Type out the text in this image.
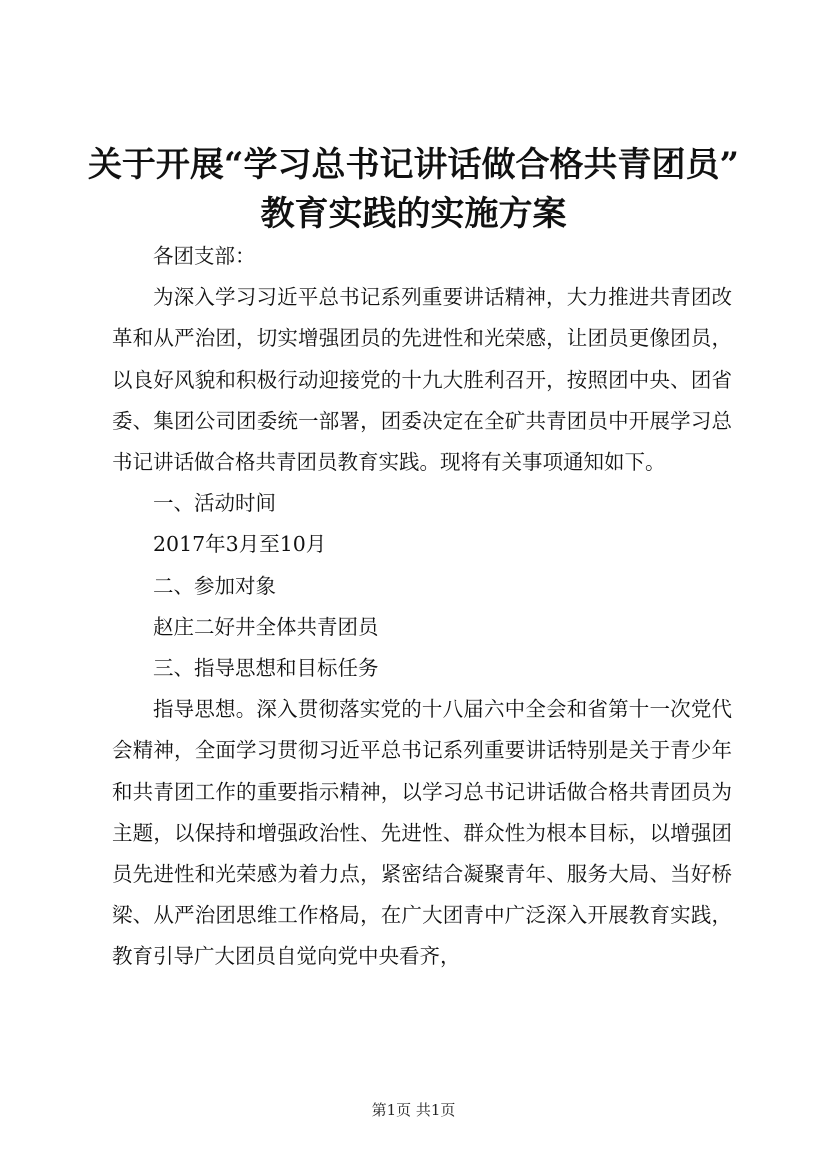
关于开展“学习总书记讲话做合格共青团员”
教育实践的实施方案

各团支部：

为深入学习习近平总书记系列重要讲话精神，大力推进共青团改革和从严治团，切实增强团员的先进性和光荣感，让团员更像团员，以良好风貌和积极行动迎接党的十九大胜利召开，按照团中央、团省委、集团公司团委统一部署，团委决定在全矿共青团员中开展学习总书记讲话做合格共青团员教育实践。现将有关事项通知如下。

一、活动时间

2017年3月至10月

二、参加对象

赵庄二好井全体共青团员

三、指导思想和目标任务

指导思想。深入贯彻落实党的十八届六中全会和省第十一次党代会精神，全面学习贯彻习近平总书记系列重要讲话特别是关于青少年和共青团工作的重要指示精神，以学习总书记讲话做合格共青团员为主题，以保持和增强政治性、先进性、群众性为根本目标，以增强团员先进性和光荣感为着力点，紧密结合凝聚青年、服务大局、当好桥梁、从严治团思维工作格局，在广大团青中广泛深入开展教育实践，教育引导广大团员自觉向党中央看齐，

第1页 共1页
